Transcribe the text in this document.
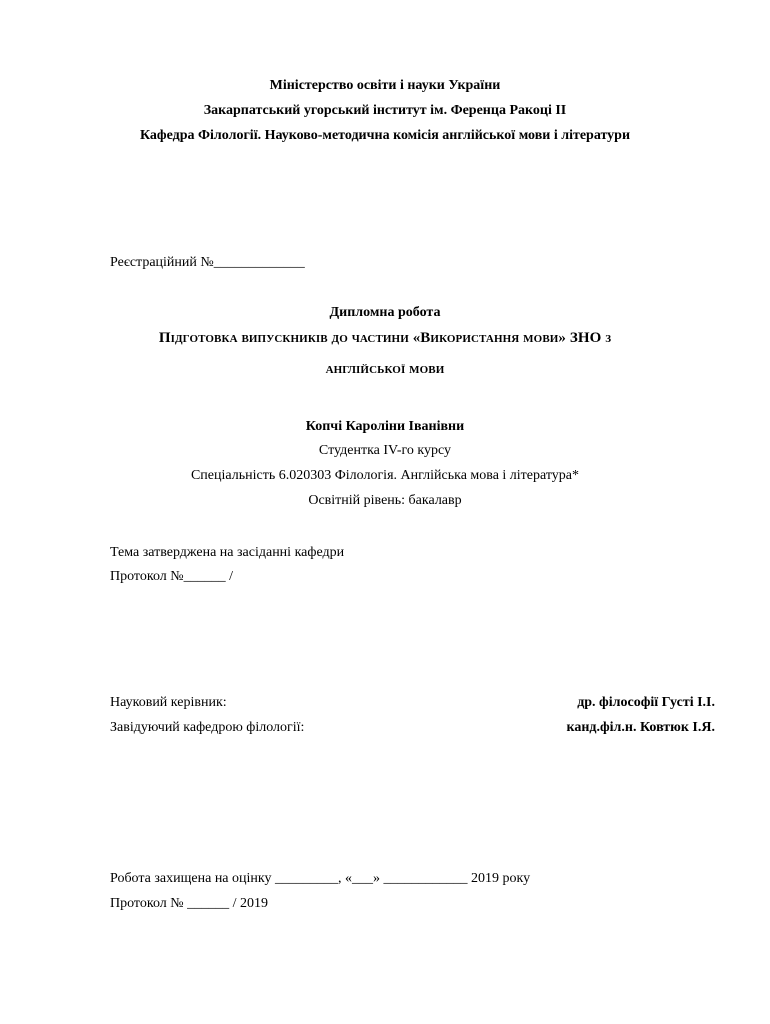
Міністерство освіти і науки України
Закарпатський угорський інститут ім. Ференца Ракоці ІІ
Кафедра Філології. Науково-методична комісія англійської мови і літератури
Реєстраційний №_____________
Дипломна робота
Підготовка випускників до частини «Використання мови» ЗНО з
англійської мови
Копчі Кароліни Іванівни
Студентка IV-го курсу
Спеціальність 6.020303 Філологія. Англійська мова і література*
Освітній рівень: бакалавр
Тема затверджена на засіданні кафедри
Протокол №______ /
Науковий керівник:	др. філософії Густі І.І.
Завідуючий кафедрою філології:	канд.філ.н. Ковтюк І.Я.
Робота захищена на оцінку _________, «___» ____________ 2019 року
Протокол № ______ / 2019
